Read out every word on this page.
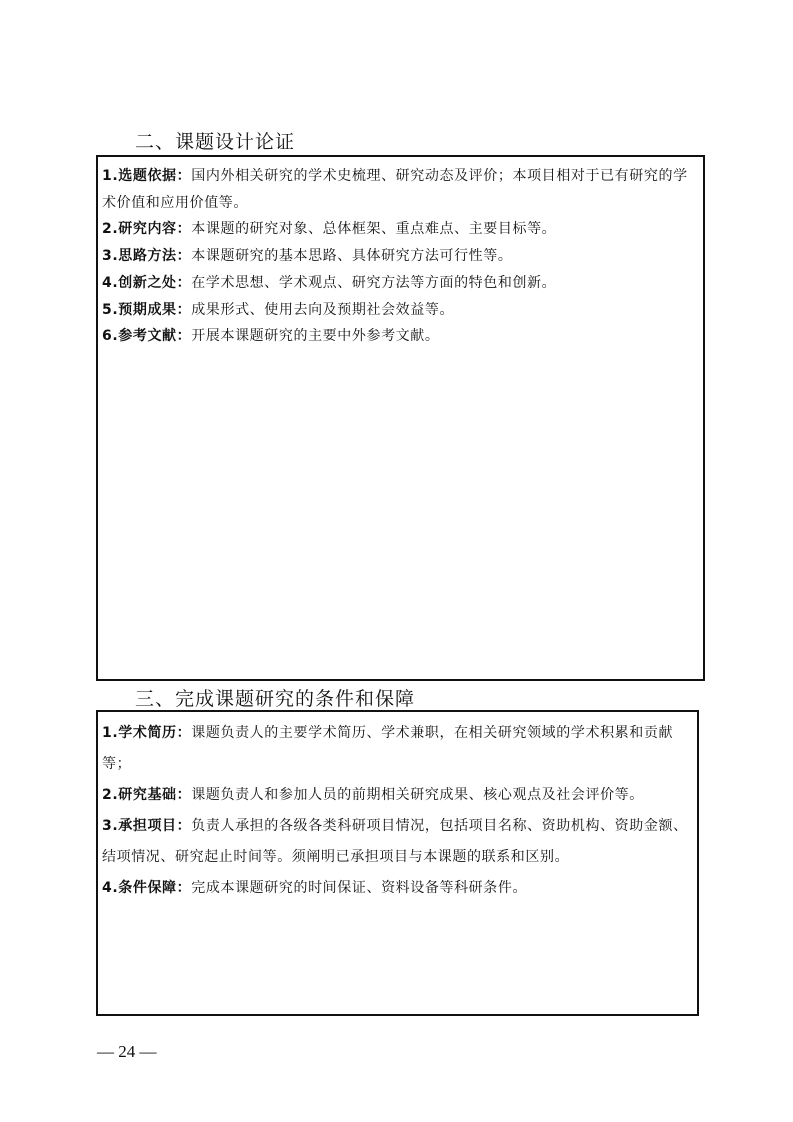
二、课题设计论证

1.选题依据：国内外相关研究的学术史梳理、研究动态及评价；本项目相对于已有研究的学术价值和应用价值等。

2.研究内容：本课题的研究对象、总体框架、重点难点、主要目标等。

3.思路方法：本课题研究的基本思路、具体研究方法可行性等。

4.创新之处：在学术思想、学术观点、研究方法等方面的特色和创新。

5.预期成果：成果形式、使用去向及预期社会效益等。

6.参考文献：开展本课题研究的主要中外参考文献。

三、完成课题研究的条件和保障

1.学术简历：课题负责人的主要学术简历、学术兼职，在相关研究领域的学术积累和贡献等；

2.研究基础：课题负责人和参加人员的前期相关研究成果、核心观点及社会评价等。

3.承担项目：负责人承担的各级各类科研项目情况，包括项目名称、资助机构、资助金额、结项情况、研究起止时间等。须阐明已承担项目与本课题的联系和区别。

4.条件保障：完成本课题研究的时间保证、资料设备等科研条件。

— 24 —
